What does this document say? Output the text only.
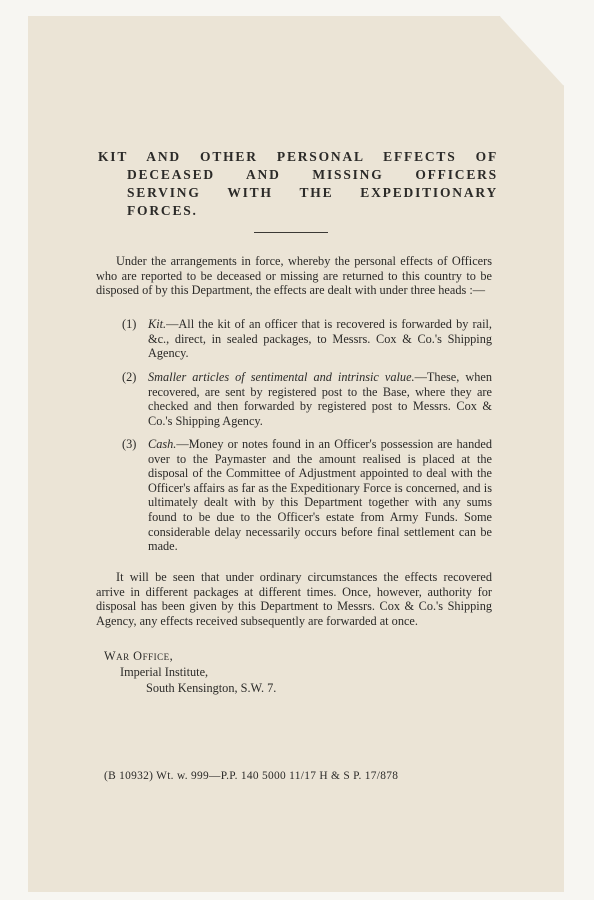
KIT AND OTHER PERSONAL EFFECTS OF
DECEASED AND MISSING OFFICERS
SERVING WITH THE EXPEDITIONARY
FORCES.

Under the arrangements in force, whereby the personal effects of Officers who are reported to be deceased or missing are returned to this country to be disposed of by this Department, the effects are dealt with under three heads :—

(1) Kit.—All the kit of an officer that is recovered is forwarded by rail, &c., direct, in sealed packages, to Messrs. Cox & Co.'s Shipping Agency.
(2) Smaller articles of sentimental and intrinsic value.—These, when recovered, are sent by registered post to the Base, where they are checked and then forwarded by registered post to Messrs. Cox & Co.'s Shipping Agency.
(3) Cash.—Money or notes found in an Officer's possession are handed over to the Paymaster and the amount realised is placed at the disposal of the Committee of Adjustment appointed to deal with the Officer's affairs as far as the Expeditionary Force is concerned, and is ultimately dealt with by this Department together with any sums found to be due to the Officer's estate from Army Funds. Some considerable delay necessarily occurs before final settlement can be made.

It will be seen that under ordinary circumstances the effects recovered arrive in different packages at different times. Once, however, authority for disposal has been given by this Department to Messrs. Cox & Co.'s Shipping Agency, any effects received subsequently are forwarded at once.

War Office,
Imperial Institute,
South Kensington, S.W. 7.
(B 10932) Wt. w. 999—P.P. 140 5000 11/17 H & S P. 17/878
